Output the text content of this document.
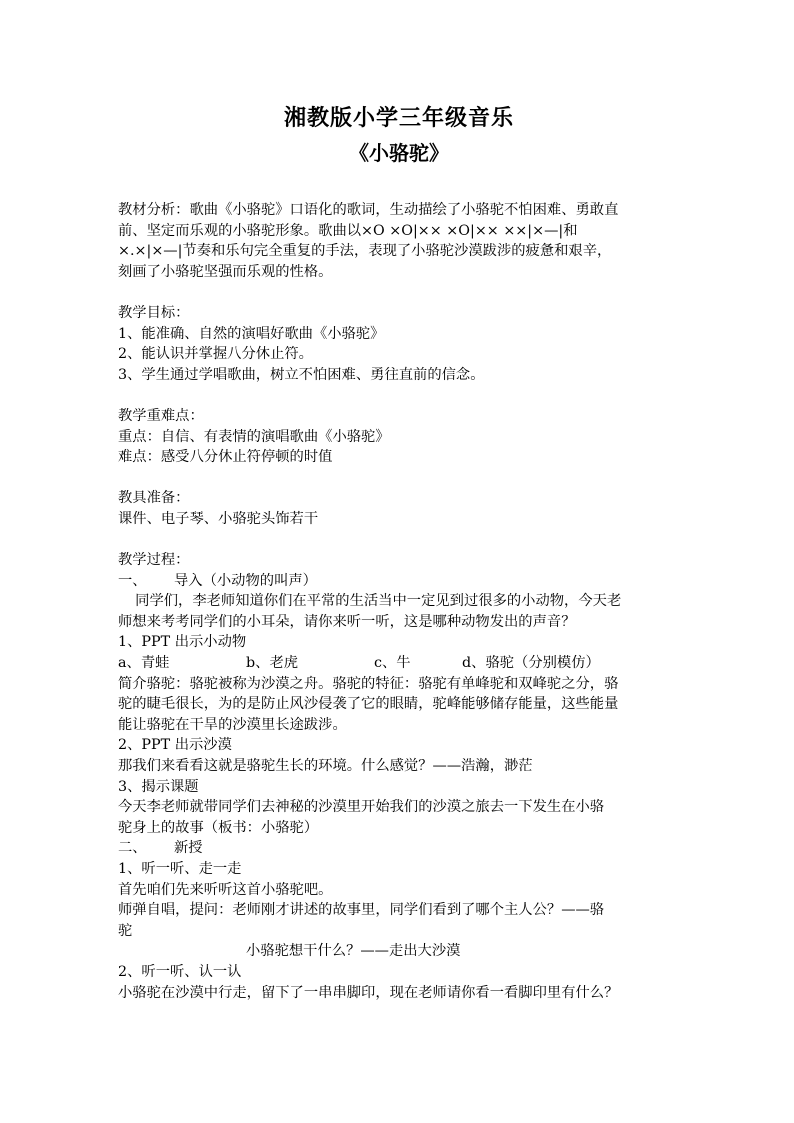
湘教版小学三年级音乐
《小骆驼》

教材分析：歌曲《小骆驼》口语化的歌词，生动描绘了小骆驼不怕困难、勇敢直

前、坚定而乐观的小骆驼形象。歌曲以×O ×O|×× ×O|×× ××|×—|和

×.×|×—|节奏和乐句完全重复的手法，表现了小骆驼沙漠跋涉的疲惫和艰辛，

刻画了小骆驼坚强而乐观的性格。

教学目标：

1、能准确、自然的演唱好歌曲《小骆驼》

2、能认识并掌握八分休止符。

3、学生通过学唱歌曲，树立不怕困难、勇往直前的信念。

教学重难点：

重点：自信、有表情的演唱歌曲《小骆驼》

难点：感受八分休止符停顿的时值

教具准备：

课件、电子琴、小骆驼头饰若干

教学过程：

一、	导入（小动物的叫声）

同学们，李老师知道你们在平常的生活当中一定见到过很多的小动物，今天老

师想来考考同学们的小耳朵，请你来听一听，这是哪种动物发出的声音？

1、PPT 出示小动物

a、青蛙	b、老虎	c、牛	d、骆驼（分别模仿）

简介骆驼：骆驼被称为沙漠之舟。骆驼的特征：骆驼有单峰驼和双峰驼之分，骆

驼的睫毛很长，为的是防止风沙侵袭了它的眼睛，驼峰能够储存能量，这些能量

能让骆驼在干旱的沙漠里长途跋涉。

2、PPT 出示沙漠

那我们来看看这就是骆驼生长的环境。什么感觉？——浩瀚，渺茫

3、揭示课题

今天李老师就带同学们去神秘的沙漠里开始我们的沙漠之旅去一下发生在小骆

驼身上的故事（板书：小骆驼）

二、	新授

1、听一听、走一走

首先咱们先来听听这首小骆驼吧。

师弹自唱，提问：老师刚才讲述的故事里，同学们看到了哪个主人公？——骆

驼

小骆驼想干什么？——走出大沙漠

2、听一听、认一认

小骆驼在沙漠中行走，留下了一串串脚印，现在老师请你看一看脚印里有什么？
